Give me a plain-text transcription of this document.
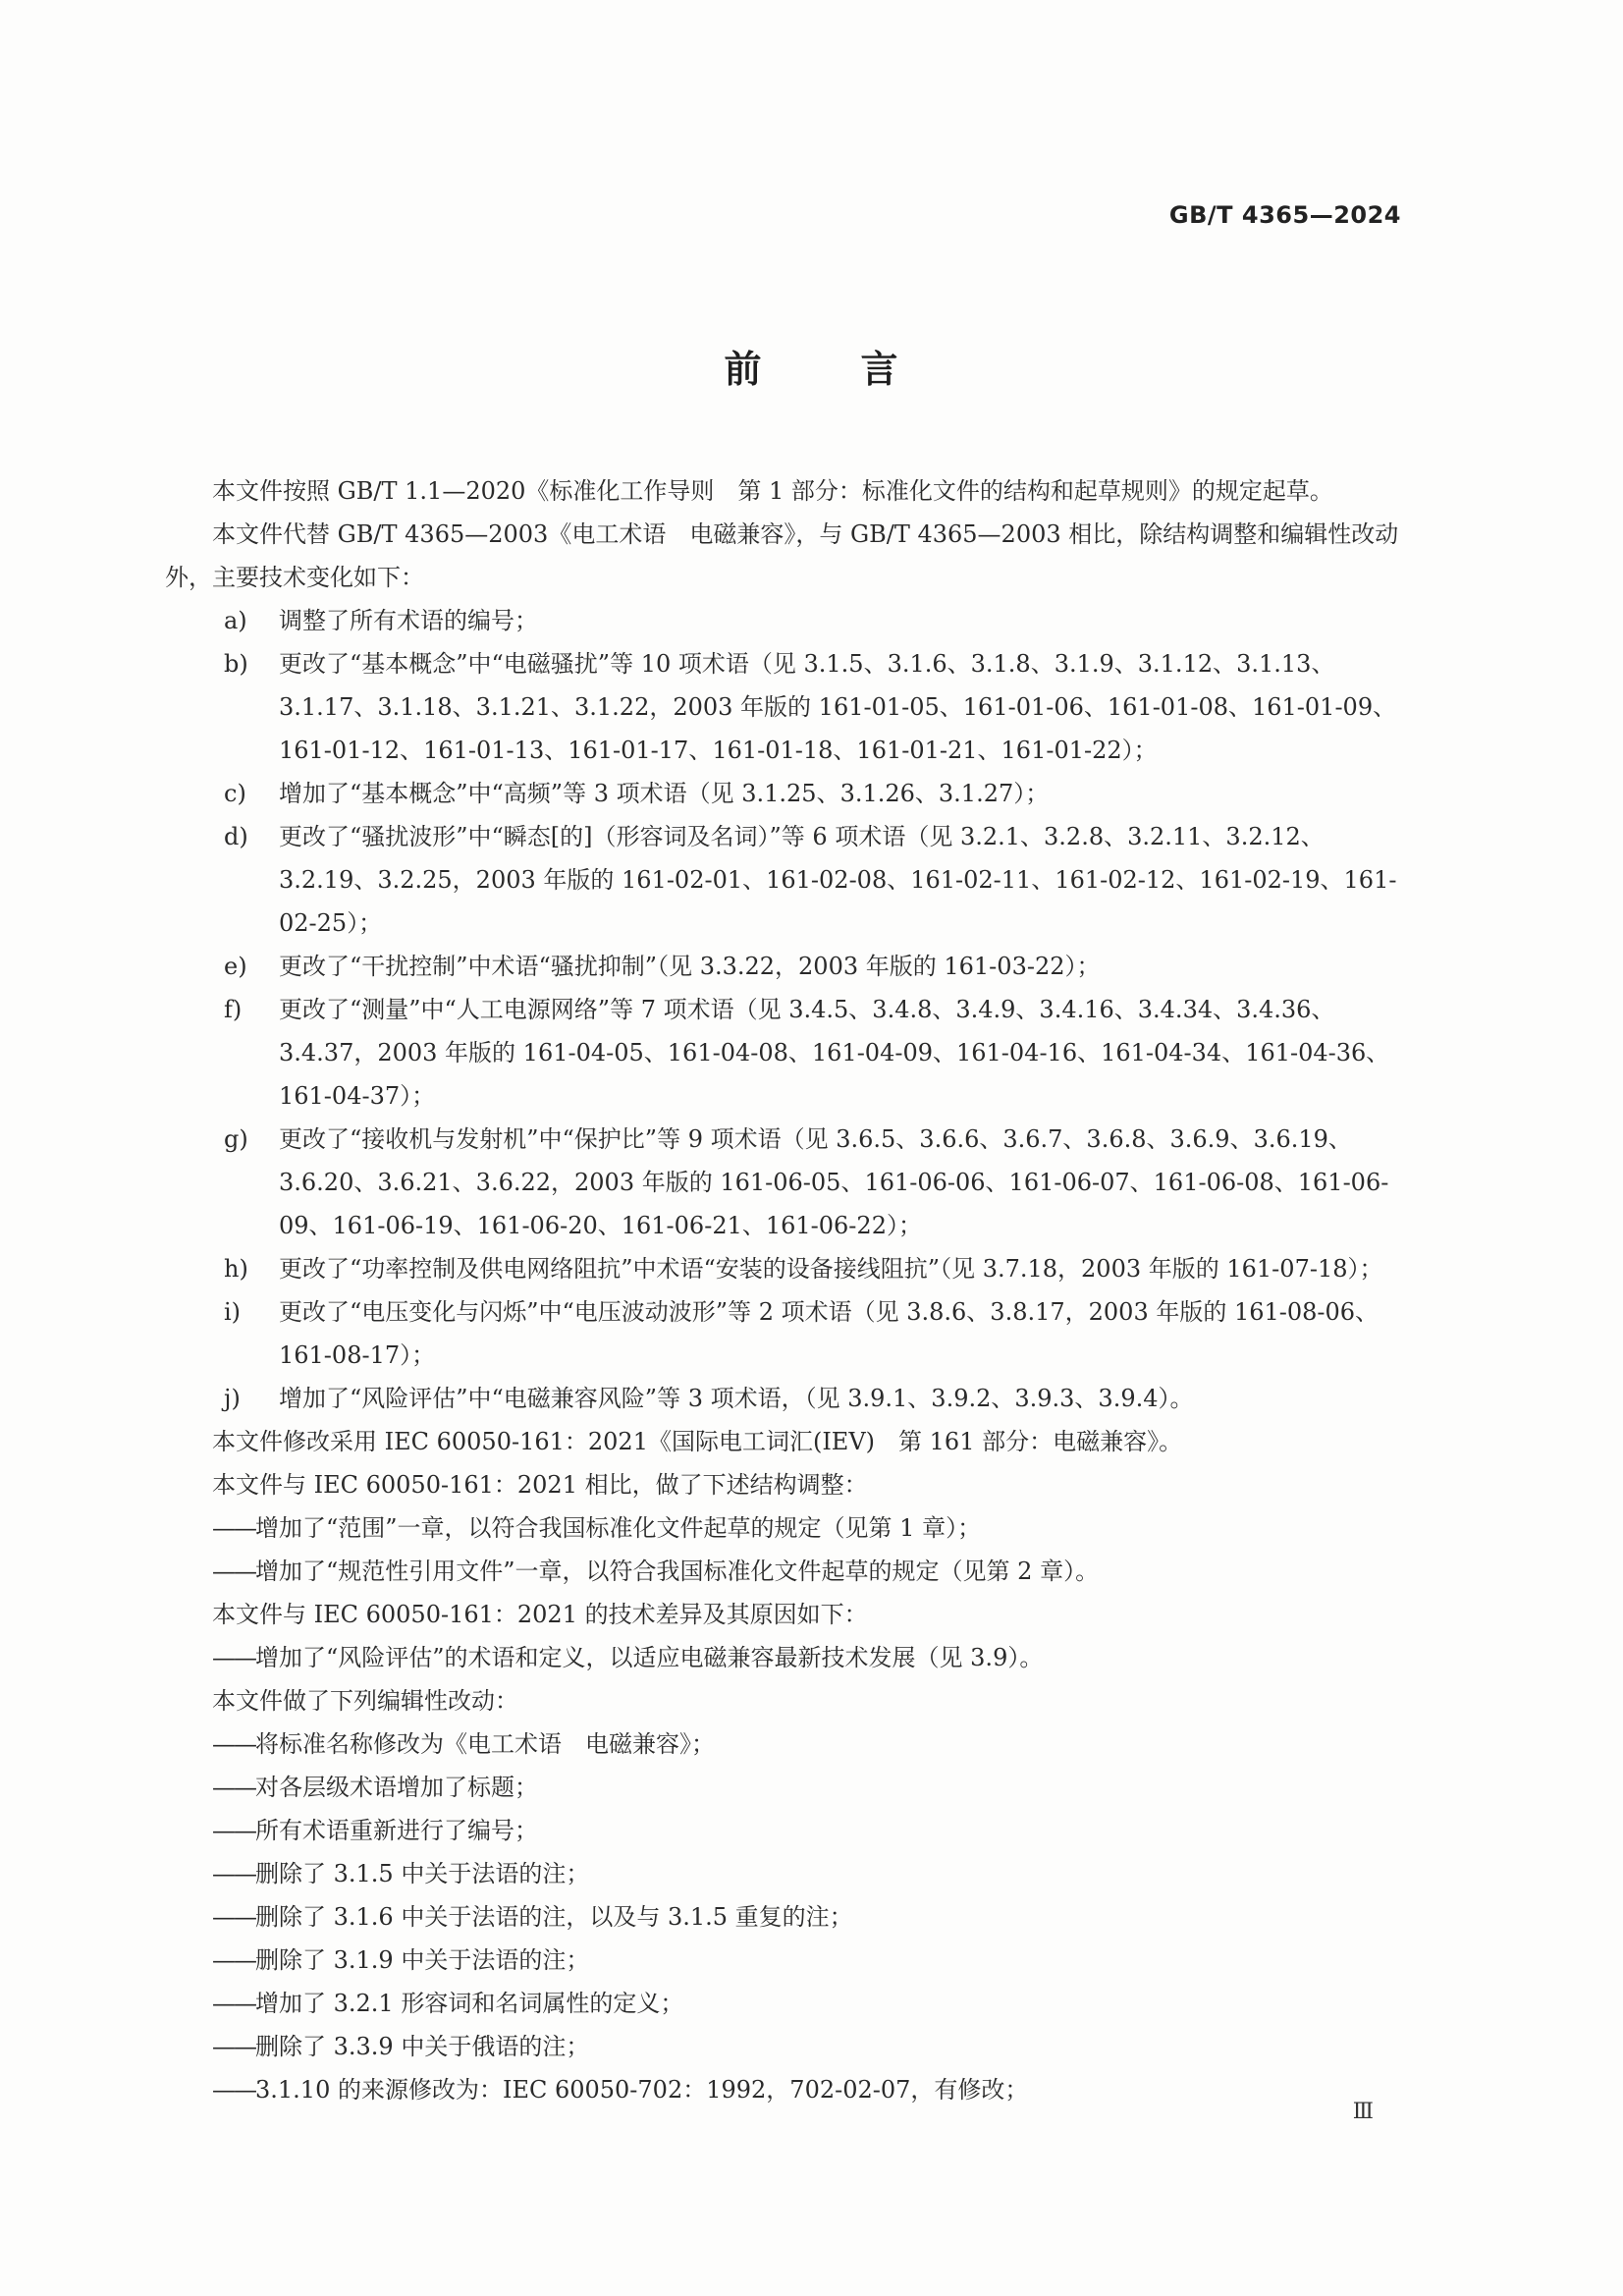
GB/T 4365—2024
前	言

本文件按照 GB/T 1.1—2020《标准化工作导则　第 1 部分：标准化文件的结构和起草规则》的规定起草。

本文件代替 GB/T 4365—2003《电工术语　电磁兼容》，与 GB/T 4365—2003 相比，除结构调整和编辑性改动外，主要技术变化如下：

a) 调整了所有术语的编号；

b) 更改了“基本概念”中“电磁骚扰”等 10 项术语（见 3.1.5、3.1.6、3.1.8、3.1.9、3.1.12、3.1.13、3.1.17、3.1.18、3.1.21、3.1.22，2003 年版的 161-01-05、161-01-06、161-01-08、161-01-09、161-01-12、161-01-13、161-01-17、161-01-18、161-01-21、161-01-22）；

c) 增加了“基本概念”中“高频”等 3 项术语（见 3.1.25、3.1.26、3.1.27）；

d) 更改了“骚扰波形”中“瞬态[的]（形容词及名词）”等 6 项术语（见 3.2.1、3.2.8、3.2.11、3.2.12、3.2.19、3.2.25，2003 年版的 161-02-01、161-02-08、161-02-11、161-02-12、161-02-19、161-02-25）；

e) 更改了“干扰控制”中术语“骚扰抑制”（见 3.3.22，2003 年版的 161-03-22）；

f) 更改了“测量”中“人工电源网络”等 7 项术语（见 3.4.5、3.4.8、3.4.9、3.4.16、3.4.34、3.4.36、3.4.37，2003 年版的 161-04-05、161-04-08、161-04-09、161-04-16、161-04-34、161-04-36、161-04-37）；

g) 更改了“接收机与发射机”中“保护比”等 9 项术语（见 3.6.5、3.6.6、3.6.7、3.6.8、3.6.9、3.6.19、3.6.20、3.6.21、3.6.22，2003 年版的 161-06-05、161-06-06、161-06-07、161-06-08、161-06-09、161-06-19、161-06-20、161-06-21、161-06-22）；

h) 更改了“功率控制及供电网络阻抗”中术语“安装的设备接线阻抗”（见 3.7.18，2003 年版的 161-07-18）；

i) 更改了“电压变化与闪烁”中“电压波动波形”等 2 项术语（见 3.8.6、3.8.17，2003 年版的 161-08-06、161-08-17）；

j) 增加了“风险评估”中“电磁兼容风险”等 3 项术语，（见 3.9.1、3.9.2、3.9.3、3.9.4）。

本文件修改采用 IEC 60050-161：2021《国际电工词汇(IEV)　第 161 部分：电磁兼容》。

本文件与 IEC 60050-161：2021 相比，做了下述结构调整：

——增加了“范围”一章，以符合我国标准化文件起草的规定（见第 1 章）；

——增加了“规范性引用文件”一章，以符合我国标准化文件起草的规定（见第 2 章）。

本文件与 IEC 60050-161：2021 的技术差异及其原因如下：

——增加了“风险评估”的术语和定义，以适应电磁兼容最新技术发展（见 3.9）。

本文件做了下列编辑性改动：

——将标准名称修改为《电工术语　电磁兼容》；

——对各层级术语增加了标题；

——所有术语重新进行了编号；

——删除了 3.1.5 中关于法语的注；

——删除了 3.1.6 中关于法语的注，以及与 3.1.5 重复的注；

——删除了 3.1.9 中关于法语的注；

——增加了 3.2.1 形容词和名词属性的定义；

——删除了 3.3.9 中关于俄语的注；

——3.1.10 的来源修改为：IEC 60050-702：1992，702-02-07，有修改；

Ⅲ
